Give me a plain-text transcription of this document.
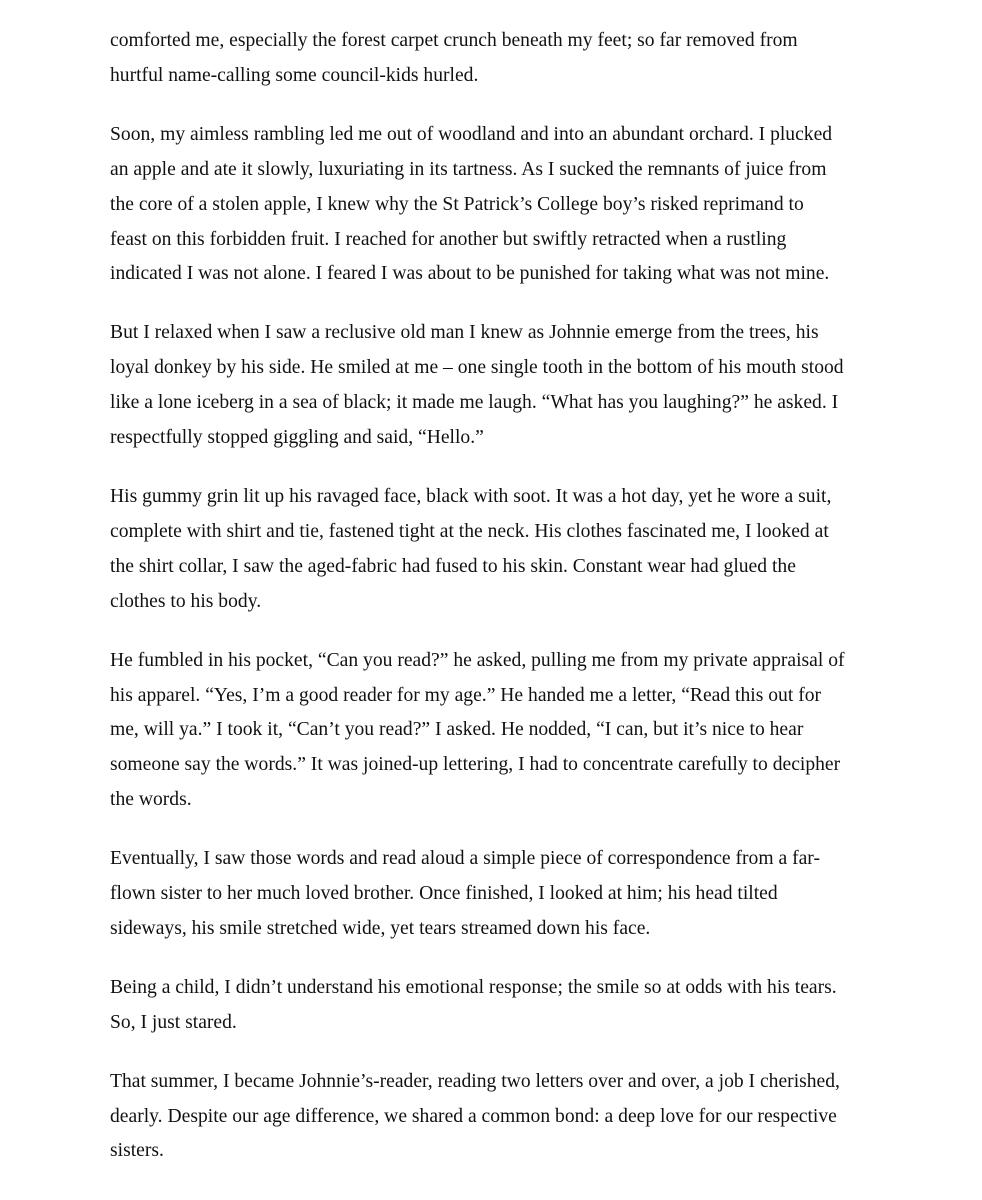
comforted me, especially the forest carpet crunch beneath my feet; so far removed from
hurtful name-calling some council-kids hurled.

Soon, my aimless rambling led me out of woodland and into an abundant orchard. I plucked
an apple and ate it slowly, luxuriating in its tartness. As I sucked the remnants of juice from
the core of a stolen apple, I knew why the St Patrick’s College boy’s risked reprimand to
feast on this forbidden fruit. I reached for another but swiftly retracted when a rustling
indicated I was not alone. I feared I was about to be punished for taking what was not mine.

But I relaxed when I saw a reclusive old man I knew as Johnnie emerge from the trees, his
loyal donkey by his side. He smiled at me – one single tooth in the bottom of his mouth stood
like a lone iceberg in a sea of black; it made me laugh. “What has you laughing?” he asked. I
respectfully stopped giggling and said, “Hello.”

His gummy grin lit up his ravaged face, black with soot. It was a hot day, yet he wore a suit,
complete with shirt and tie, fastened tight at the neck. His clothes fascinated me, I looked at
the shirt collar, I saw the aged-fabric had fused to his skin. Constant wear had glued the
clothes to his body.

He fumbled in his pocket, “Can you read?” he asked, pulling me from my private appraisal of
his apparel. “Yes, I’m a good reader for my age.” He handed me a letter, “Read this out for
me, will ya.” I took it, “Can’t you read?” I asked. He nodded, “I can, but it’s nice to hear
someone say the words.” It was joined-up lettering, I had to concentrate carefully to decipher
the words.

Eventually, I saw those words and read aloud a simple piece of correspondence from a far-
flown sister to her much loved brother. Once finished, I looked at him; his head tilted
sideways, his smile stretched wide, yet tears streamed down his face.

Being a child, I didn’t understand his emotional response; the smile so at odds with his tears.
So, I just stared.

That summer, I became Johnnie’s-reader, reading two letters over and over, a job I cherished,
dearly. Despite our age difference, we shared a common bond: a deep love for our respective
sisters.
